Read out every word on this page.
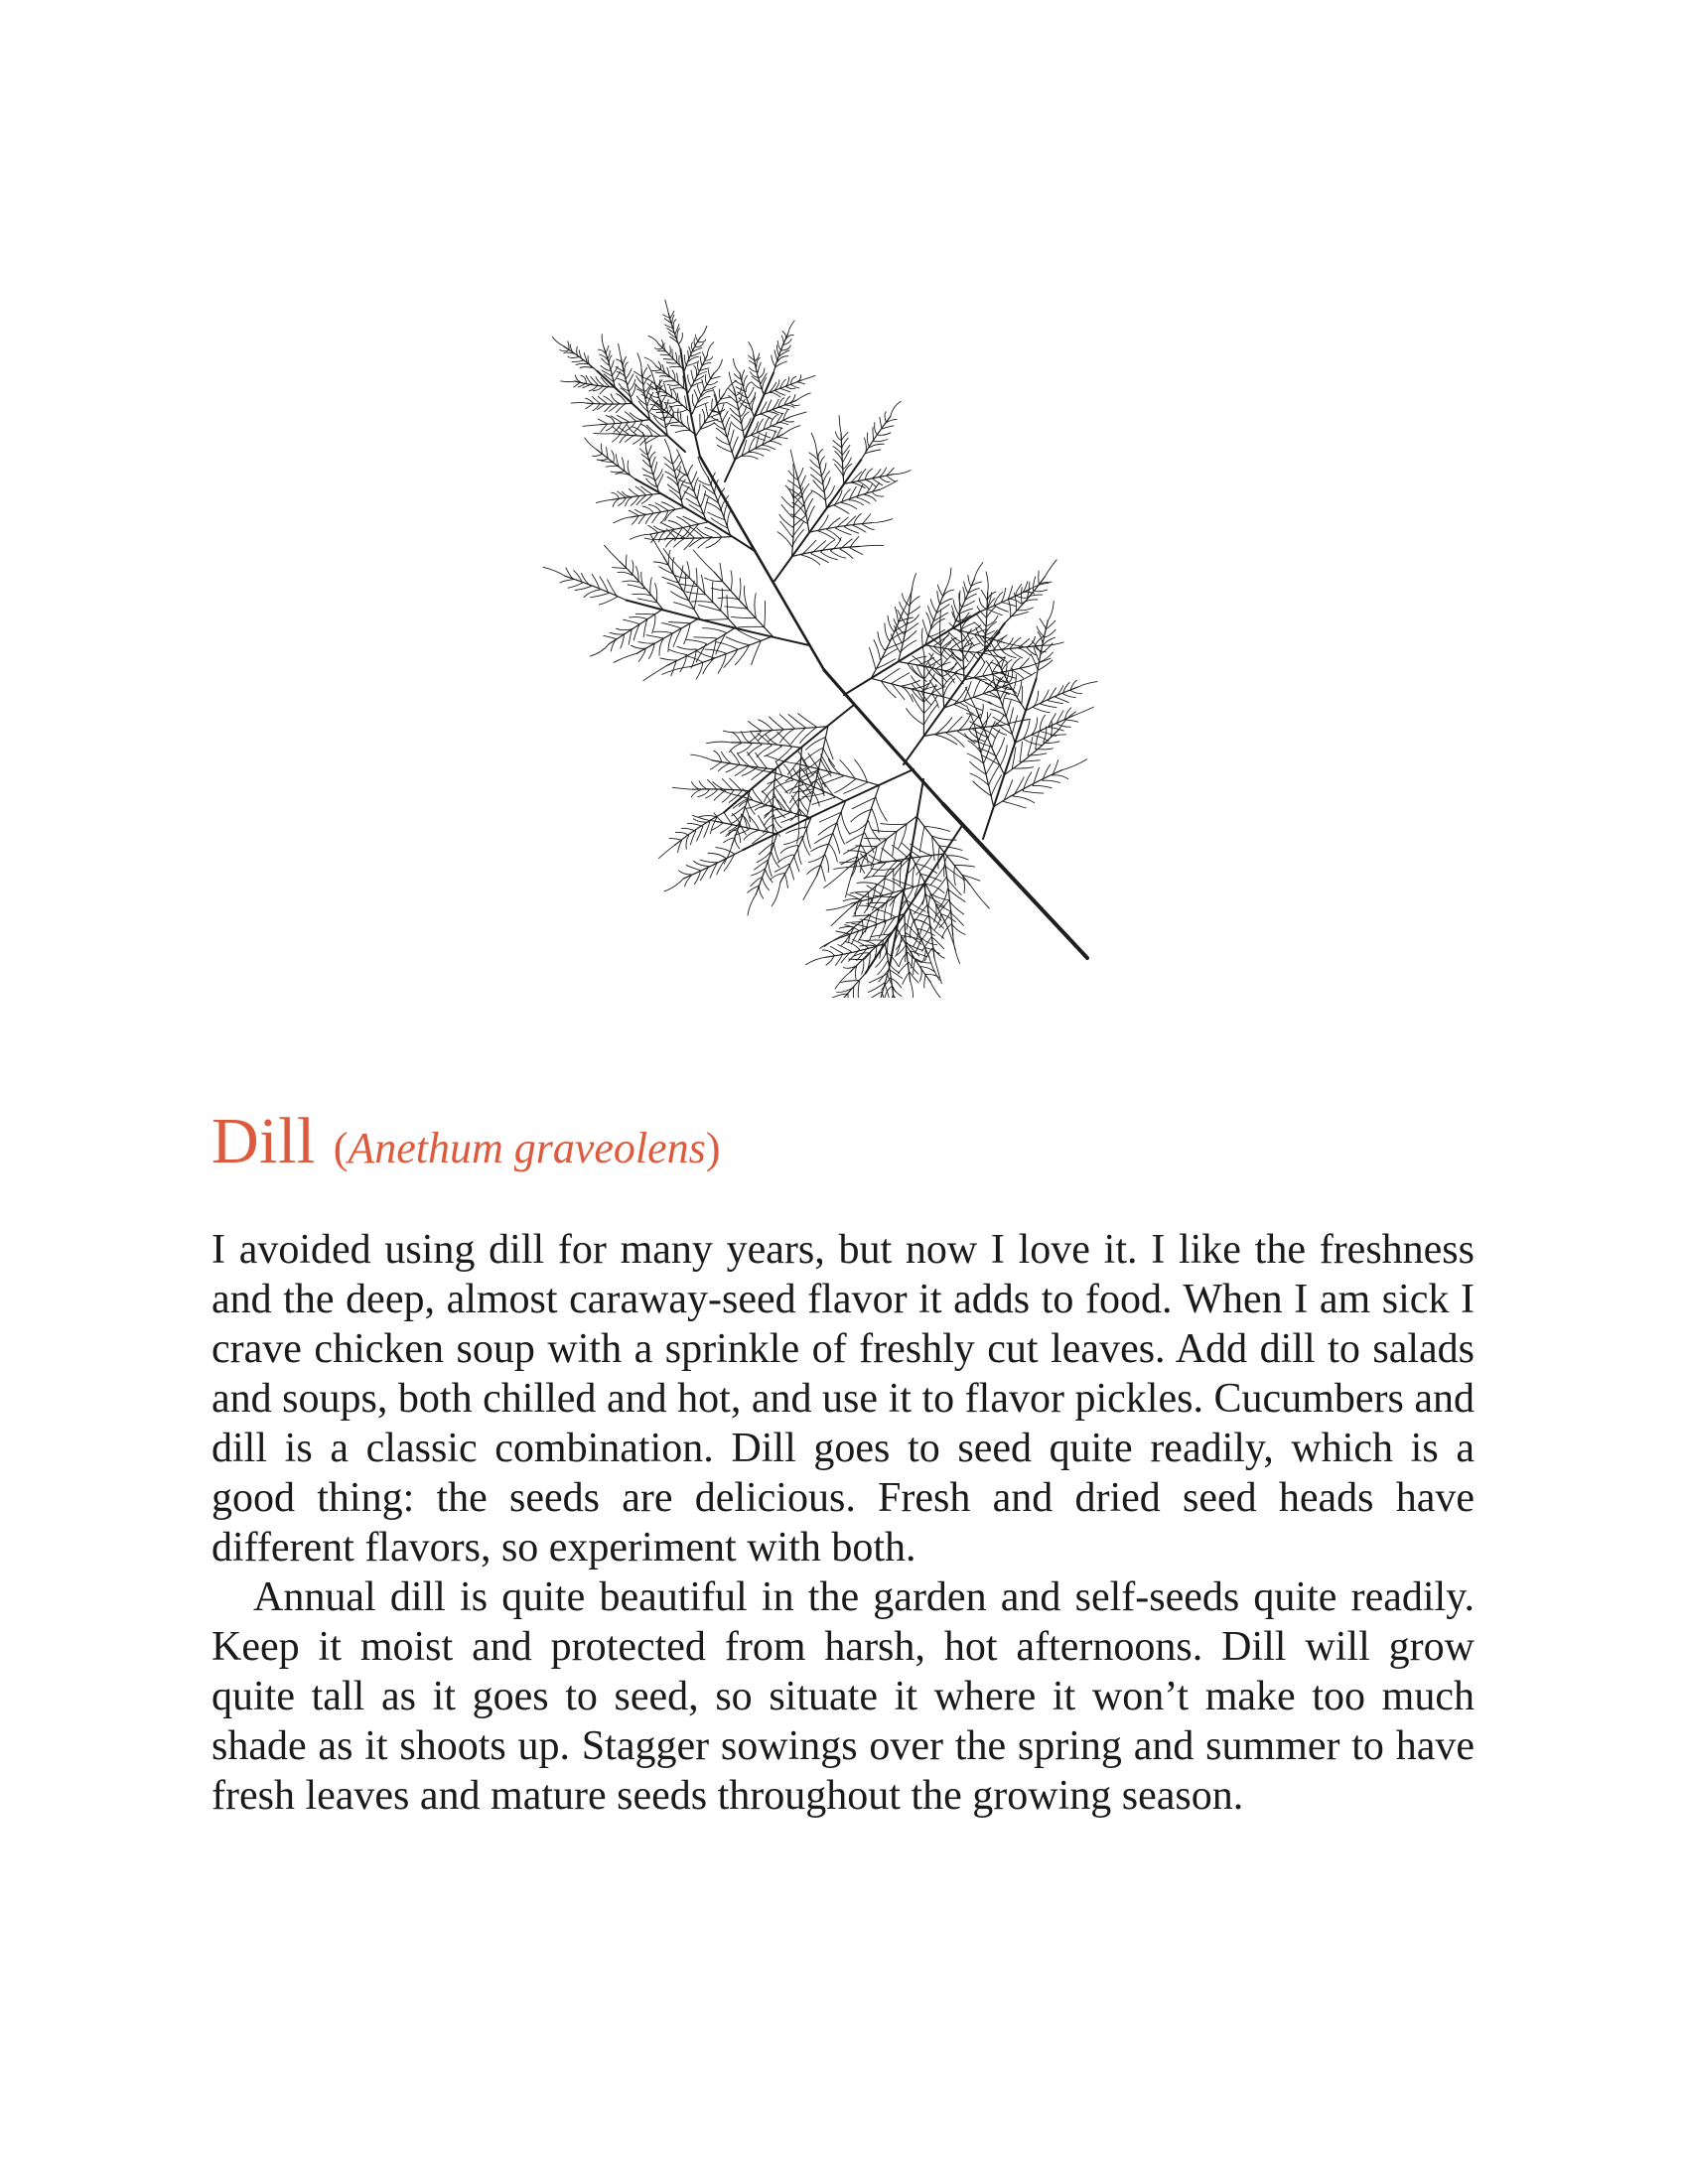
Dill (Anethum graveolens)

I avoided using dill for many years, but now I love it. I like the freshness and the deep, almost caraway-seed flavor it adds to food. When I am sick I crave chicken soup with a sprinkle of freshly cut leaves. Add dill to salads and soups, both chilled and hot, and use it to flavor pickles. Cucumbers and dill is a classic combination. Dill goes to seed quite readily, which is a good thing: the seeds are delicious. Fresh and dried seed heads have different flavors, so experiment with both.

Annual dill is quite beautiful in the garden and self-seeds quite readily. Keep it moist and protected from harsh, hot afternoons. Dill will grow quite tall as it goes to seed, so situate it where it won’t make too much shade as it shoots up. Stagger sowings over the spring and summer to have fresh leaves and mature seeds throughout the growing season.
